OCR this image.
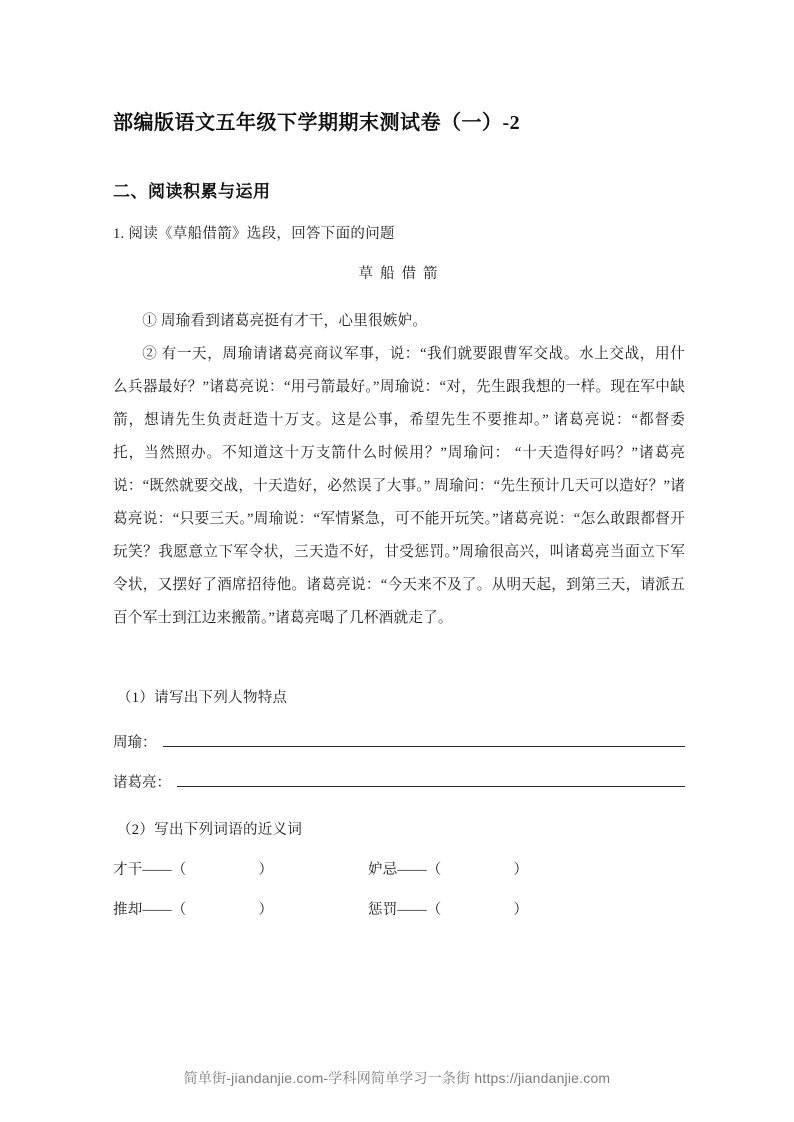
部编版语文五年级下学期期末测试卷（一）-2
二、阅读积累与运用
1. 阅读《草船借箭》选段，回答下面的问题
草船借箭

① 周瑜看到诸葛亮挺有才干，心里很嫉妒。

② 有一天，周瑜请诸葛亮商议军事，说：“我们就要跟曹军交战。水上交战，用什么兵器最好？”诸葛亮说：“用弓箭最好。”周瑜说：“对，先生跟我想的一样。现在军中缺箭，想请先生负责赶造十万支。这是公事，希望先生不要推却。” 诸葛亮说：“都督委托，当然照办。不知道这十万支箭什么时候用？”周瑜问： “十天造得好吗？”诸葛亮说：“既然就要交战，十天造好，必然误了大事。” 周瑜问：“先生预计几天可以造好？”诸葛亮说：“只要三天。”周瑜说：“军情紧急，可不能开玩笑。”诸葛亮说：“怎么敢跟都督开玩笑？我愿意立下军令状，三天造不好，甘受惩罚。”周瑜很高兴，叫诸葛亮当面立下军令状，又摆好了酒席招待他。诸葛亮说：“今天来不及了。从明天起，到第三天，请派五百个军士到江边来搬箭。”诸葛亮喝了几杯酒就走了。

（1）请写出下列人物特点
周瑜：
诸葛亮：
（2）写出下列词语的近义词
才干——（	）	妒忌——（	）
推却——（	）	惩罚——（	）
简单街-jiandanjie.com-学科网简单学习一条街 https://jiandanjie.com
